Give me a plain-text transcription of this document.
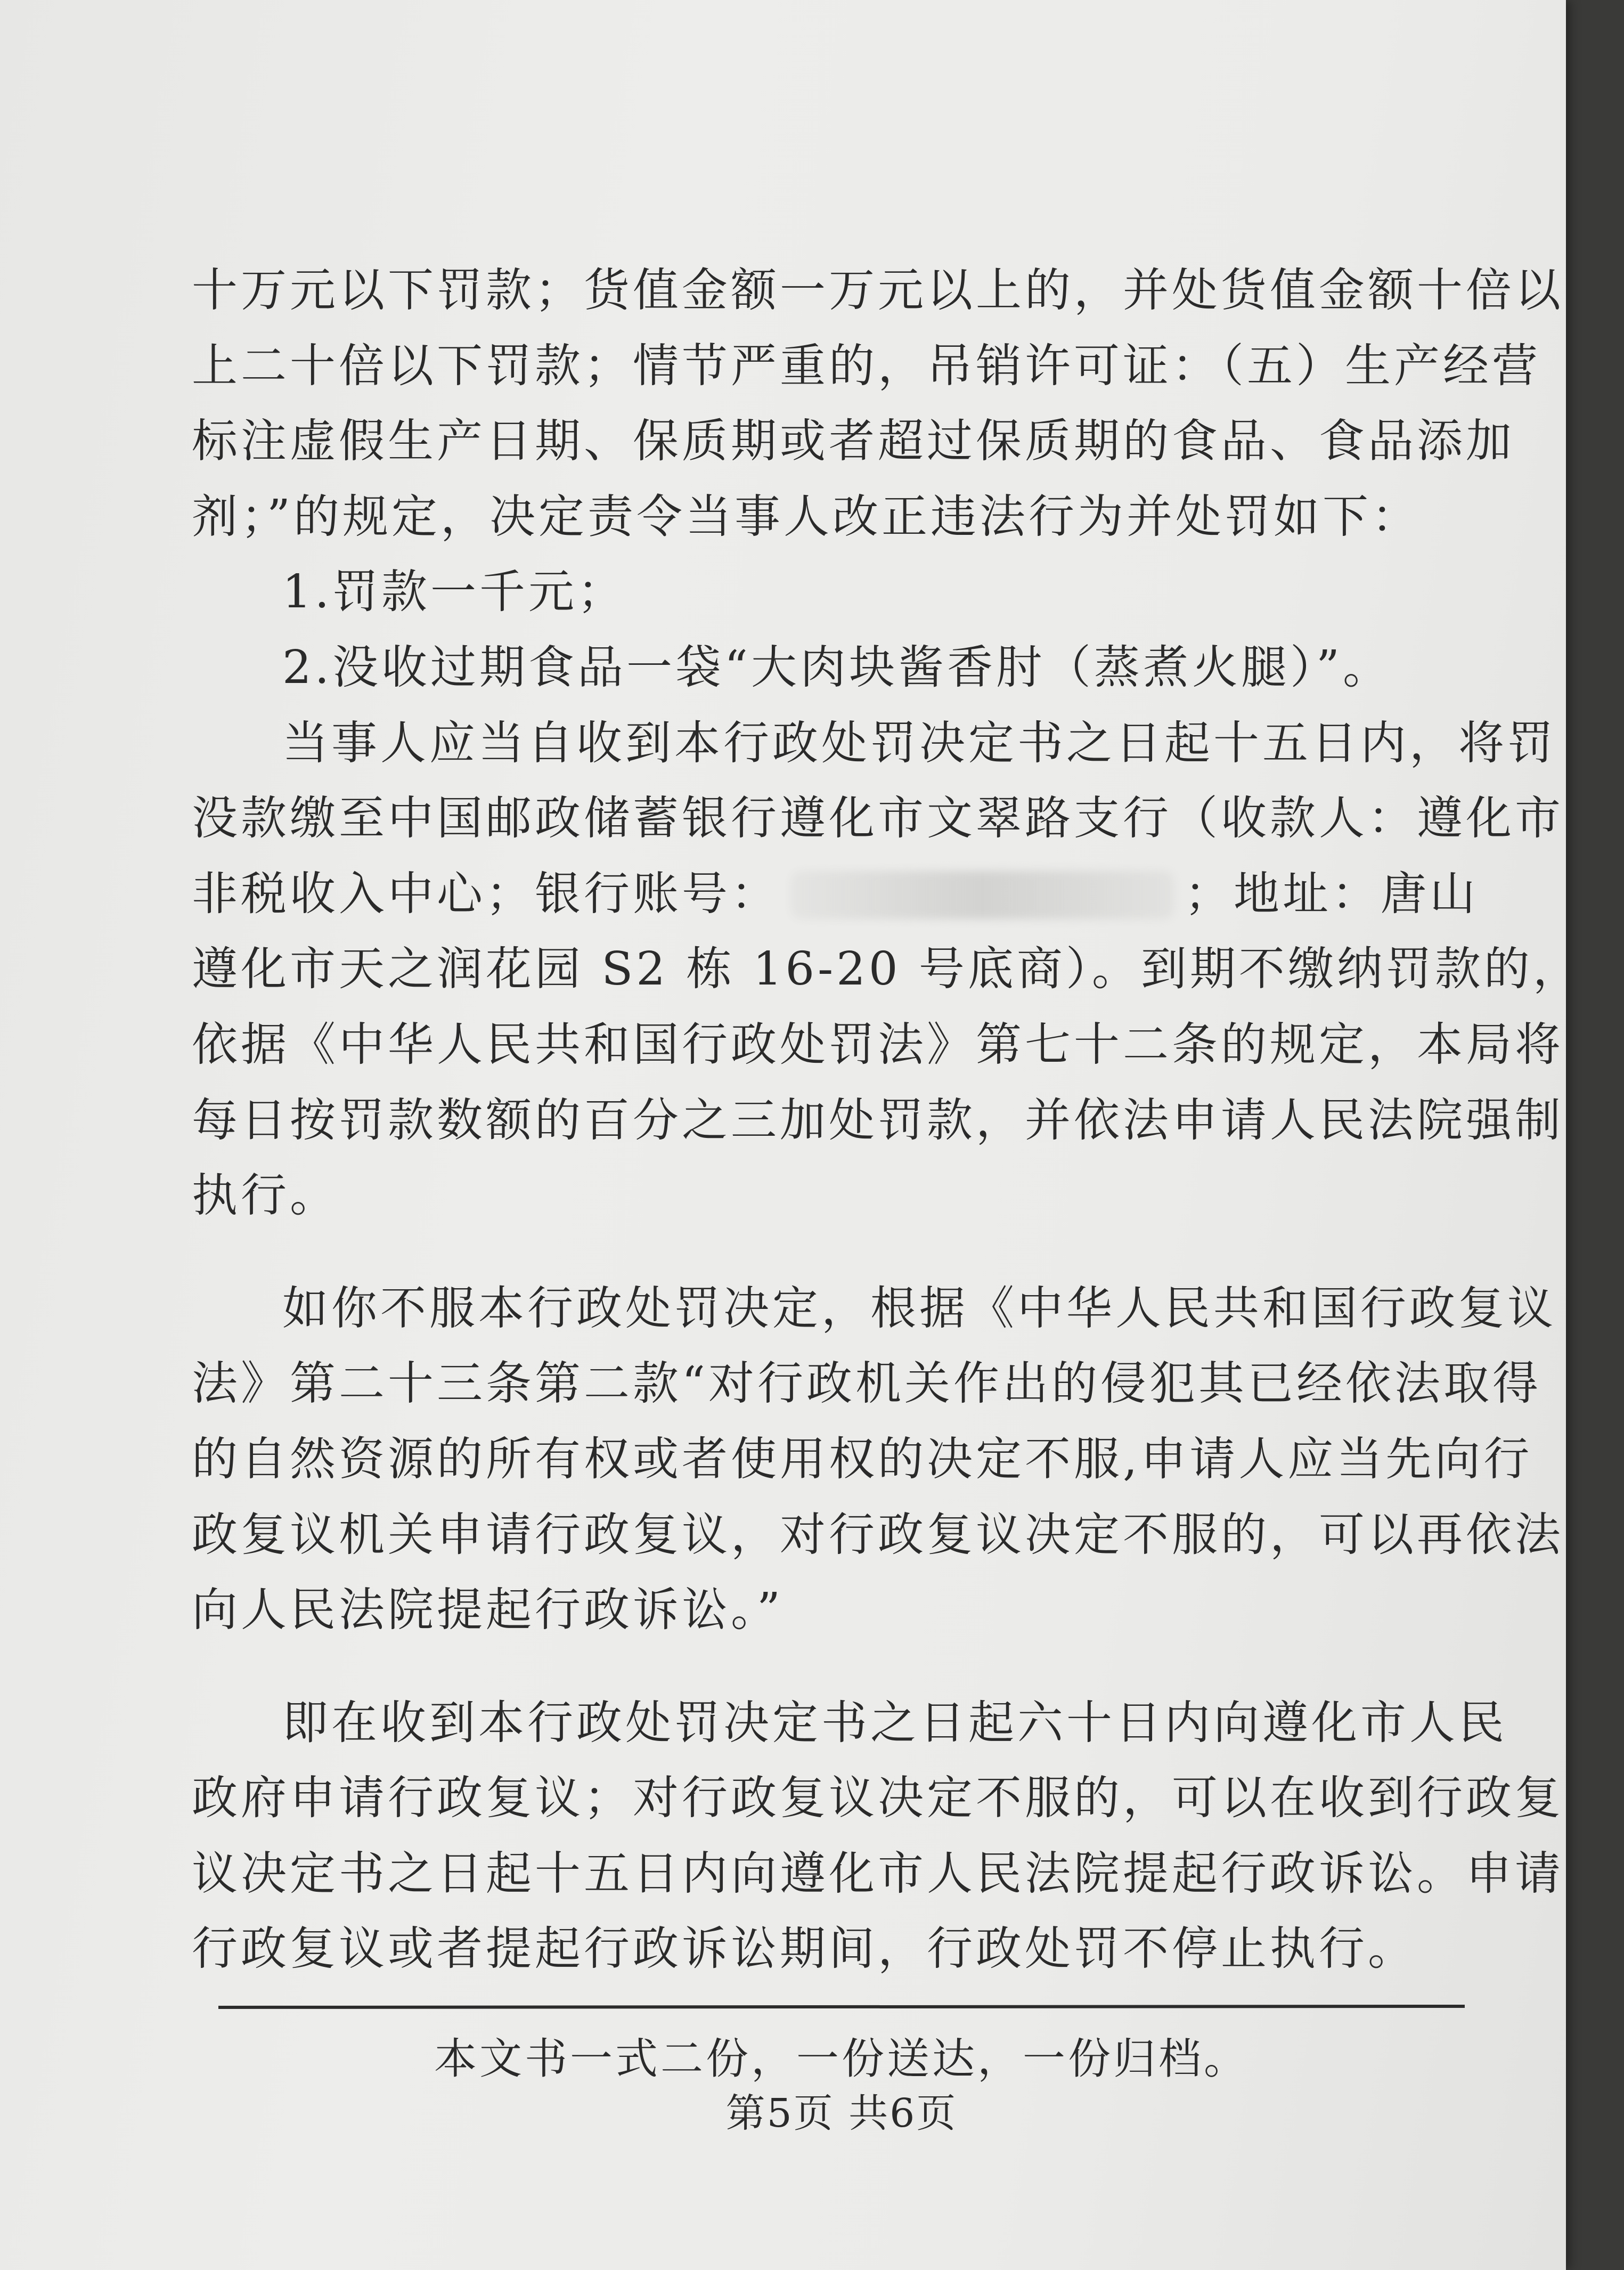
十万元以下罚款；货值金额一万元以上的，并处货值金额十倍以
上二十倍以下罚款；情节严重的，吊销许可证：（五）生产经营
标注虚假生产日期、保质期或者超过保质期的食品、食品添加
剂；”的规定，决定责令当事人改正违法行为并处罚如下：
1.罚款一千元；
2.没收过期食品一袋“大肉块酱香肘（蒸煮火腿）”。
当事人应当自收到本行政处罚决定书之日起十五日内，将罚
没款缴至中国邮政储蓄银行遵化市文翠路支行（收款人：遵化市
非税收入中心；银行账号：	；地址：唐山
遵化市天之润花园 S2 栋 16-20 号底商）。到期不缴纳罚款的，
依据《中华人民共和国行政处罚法》第七十二条的规定，本局将
每日按罚款数额的百分之三加处罚款，并依法申请人民法院强制
执行。
如你不服本行政处罚决定，根据《中华人民共和国行政复议
法》第二十三条第二款“对行政机关作出的侵犯其已经依法取得
的自然资源的所有权或者使用权的决定不服,申请人应当先向行
政复议机关申请行政复议，对行政复议决定不服的，可以再依法
向人民法院提起行政诉讼。”
即在收到本行政处罚决定书之日起六十日内向遵化市人民
政府申请行政复议；对行政复议决定不服的，可以在收到行政复
议决定书之日起十五日内向遵化市人民法院提起行政诉讼。申请
行政复议或者提起行政诉讼期间，行政处罚不停止执行。
本文书一式二份，一份送达，一份归档。
第5页 共6页
